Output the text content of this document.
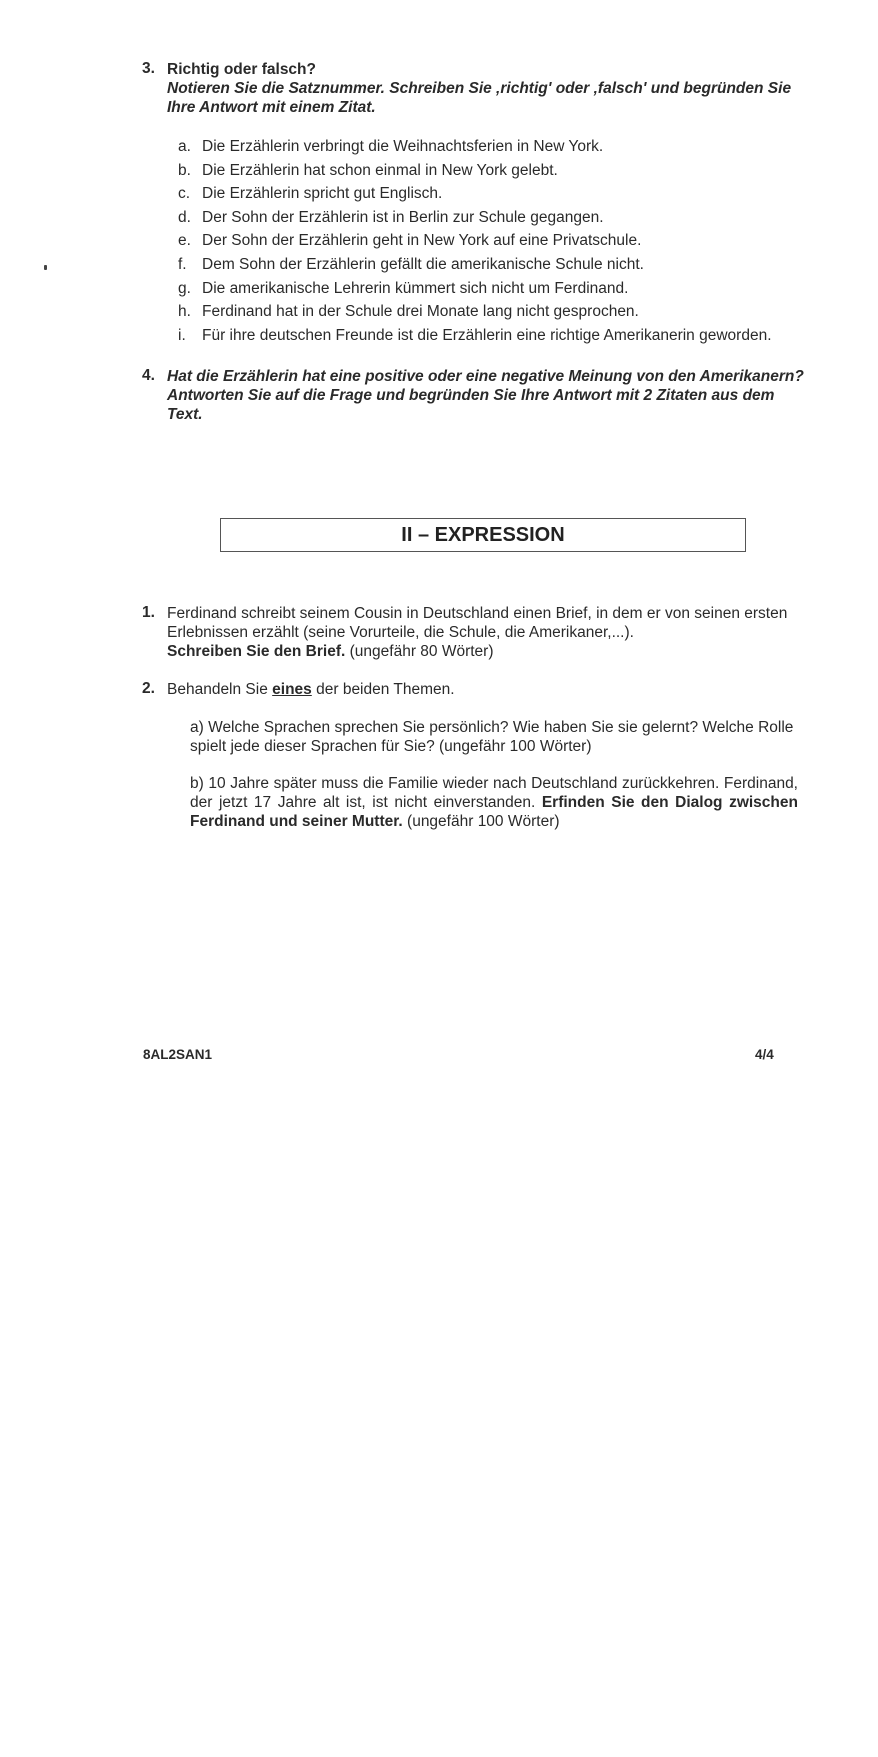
3. Richtig oder falsch?
Notieren Sie die Satznummer. Schreiben Sie ‚richtig' oder ‚falsch' und begründen Sie Ihre Antwort mit einem Zitat.
a. Die Erzählerin verbringt die Weihnachtsferien in New York.
b. Die Erzählerin hat schon einmal in New York gelebt.
c. Die Erzählerin spricht gut Englisch.
d. Der Sohn der Erzählerin ist in Berlin zur Schule gegangen.
e. Der Sohn der Erzählerin geht in New York auf eine Privatschule.
f. Dem Sohn der Erzählerin gefällt die amerikanische Schule nicht.
g. Die amerikanische Lehrerin kümmert sich nicht um Ferdinand.
h. Ferdinand hat in der Schule drei Monate lang nicht gesprochen.
i. Für ihre deutschen Freunde ist die Erzählerin eine richtige Amerikanerin geworden.
4. Hat die Erzählerin hat eine positive oder eine negative Meinung von den Amerikanern? Antworten Sie auf die Frage und begründen Sie Ihre Antwort mit 2 Zitaten aus dem Text.
II – EXPRESSION
1. Ferdinand schreibt seinem Cousin in Deutschland einen Brief, in dem er von seinen ersten Erlebnissen erzählt (seine Vorurteile, die Schule, die Amerikaner,...).
Schreiben Sie den Brief. (ungefähr 80 Wörter)
2. Behandeln Sie eines der beiden Themen.
a) Welche Sprachen sprechen Sie persönlich? Wie haben Sie sie gelernt? Welche Rolle spielt jede dieser Sprachen für Sie? (ungefähr 100 Wörter)
b) 10 Jahre später muss die Familie wieder nach Deutschland zurückkehren. Ferdinand, der jetzt 17 Jahre alt ist, ist nicht einverstanden. Erfinden Sie den Dialog zwischen Ferdinand und seiner Mutter. (ungefähr 100 Wörter)
8AL2SAN1	4/4
